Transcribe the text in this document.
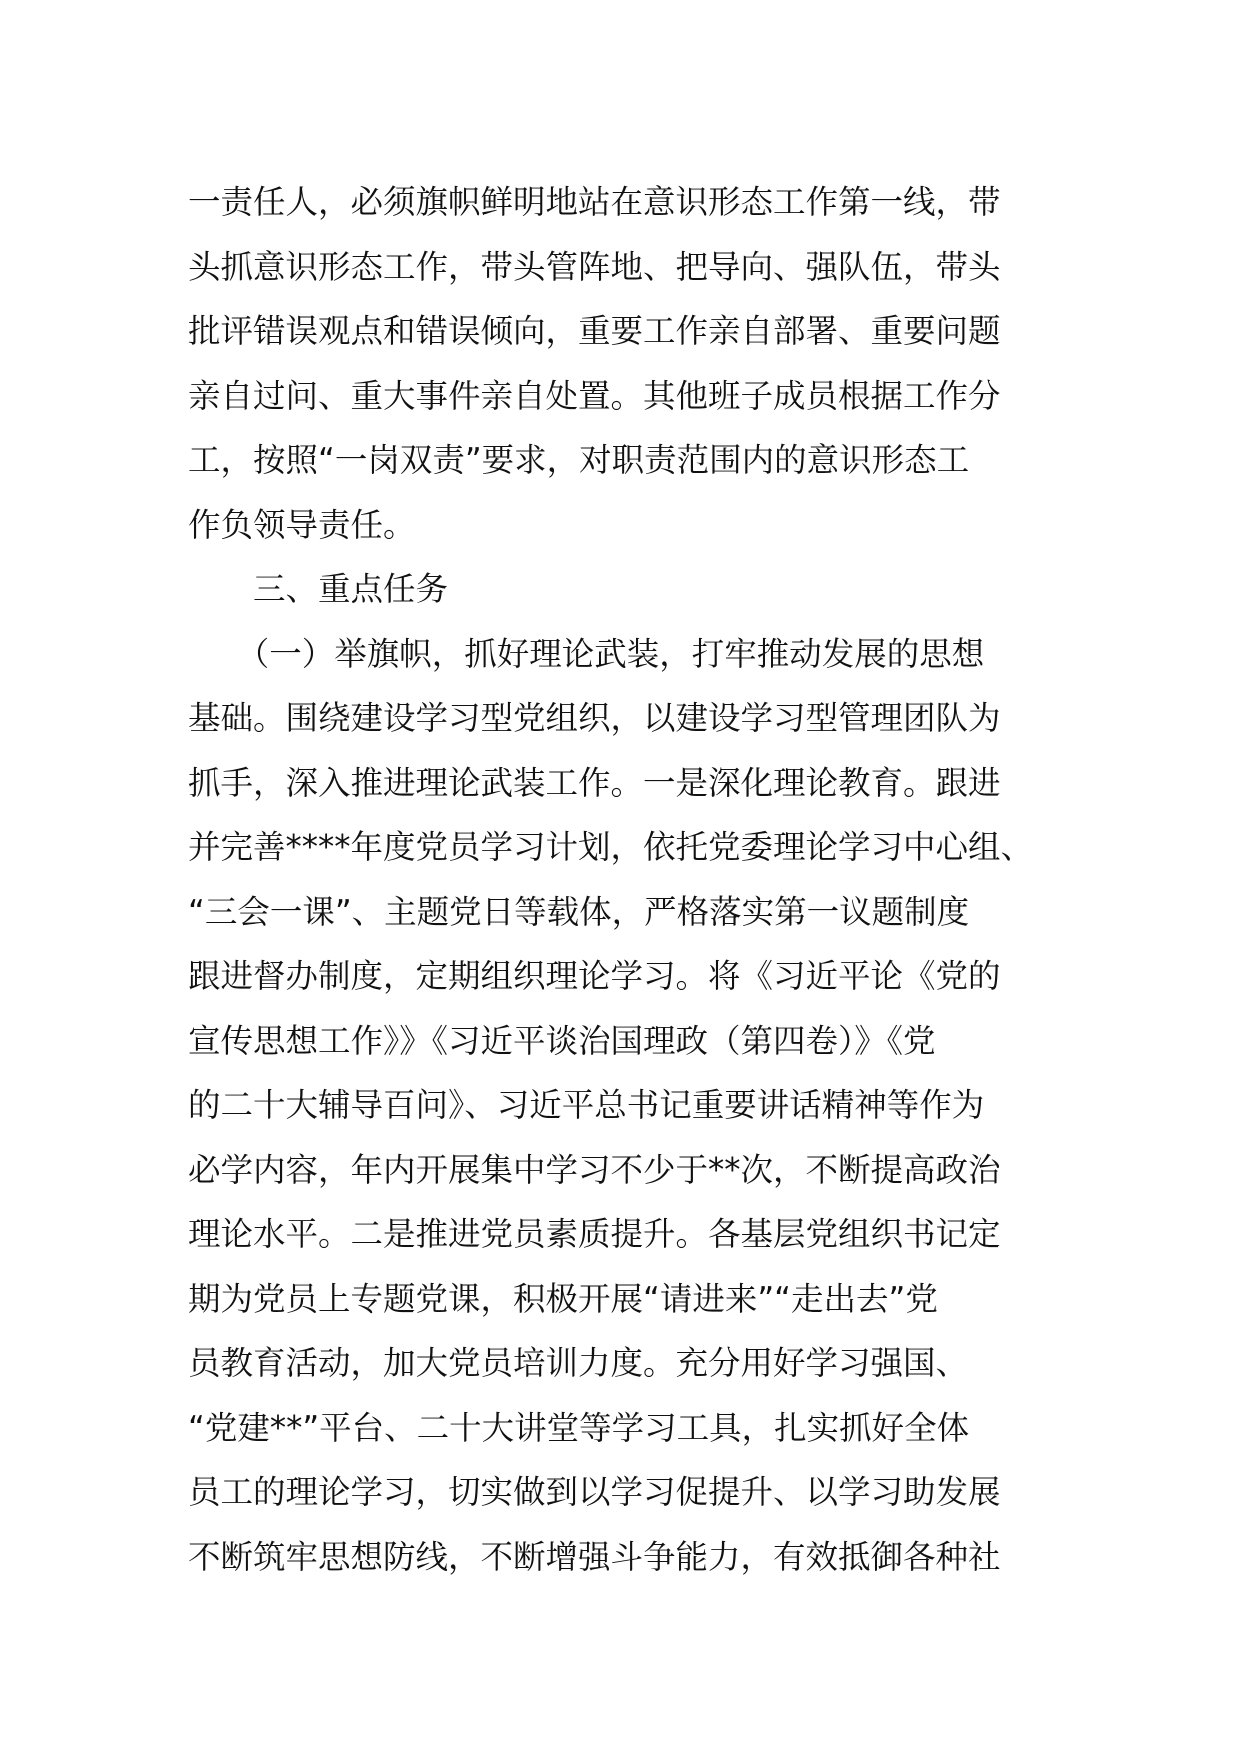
一责任人，必须旗帜鲜明地站在意识形态工作第一线，带
头抓意识形态工作，带头管阵地、把导向、强队伍，带头
批评错误观点和错误倾向，重要工作亲自部署、重要问题
亲自过问、重大事件亲自处置。其他班子成员根据工作分
工，按照“一岗双责”要求，对职责范围内的意识形态工
作负领导责任。
　　三、重点任务
　　（一）举旗帜，抓好理论武装，打牢推动发展的思想
基础。围绕建设学习型党组织，以建设学习型管理团队为
抓手，深入推进理论武装工作。一是深化理论教育。跟进
并完善****年度党员学习计划，依托党委理论学习中心组、
“三会一课”、主题党日等载体，严格落实第一议题制度
跟进督办制度，定期组织理论学习。将《习近平论《党的
宣传思想工作》》《习近平谈治国理政（第四卷）》《党
的二十大辅导百问》、习近平总书记重要讲话精神等作为
必学内容，年内开展集中学习不少于**次，不断提高政治
理论水平。二是推进党员素质提升。各基层党组织书记定
期为党员上专题党课，积极开展“请进来”“走出去”党
员教育活动，加大党员培训力度。充分用好学习强国、
“党建**”平台、二十大讲堂等学习工具，扎实抓好全体
员工的理论学习，切实做到以学习促提升、以学习助发展
不断筑牢思想防线，不断增强斗争能力，有效抵御各种社
